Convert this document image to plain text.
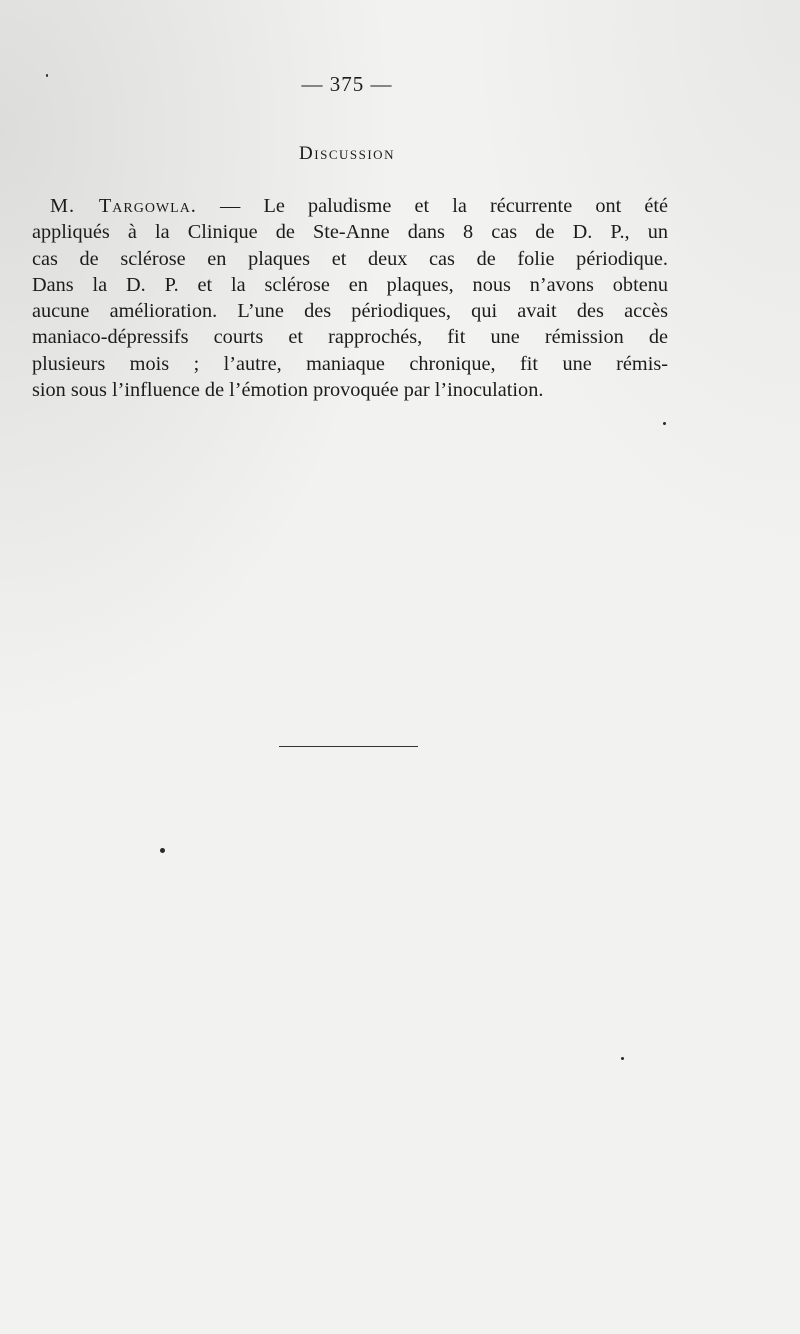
— 375 —
Discussion
M. Targowla. — Le paludisme et la récurrente ont été
appliqués à la Clinique de Ste-Anne dans 8 cas de D. P., un
cas de sclérose en plaques et deux cas de folie périodique.
Dans la D. P. et la sclérose en plaques, nous n’avons obtenu
aucune amélioration. L’une des périodiques, qui avait des accès
maniaco-dépressifs courts et rapprochés, fit une rémission de
plusieurs mois ; l’autre, maniaque chronique, fit une rémis-
sion sous l’influence de l’émotion provoquée par l’inoculation.
